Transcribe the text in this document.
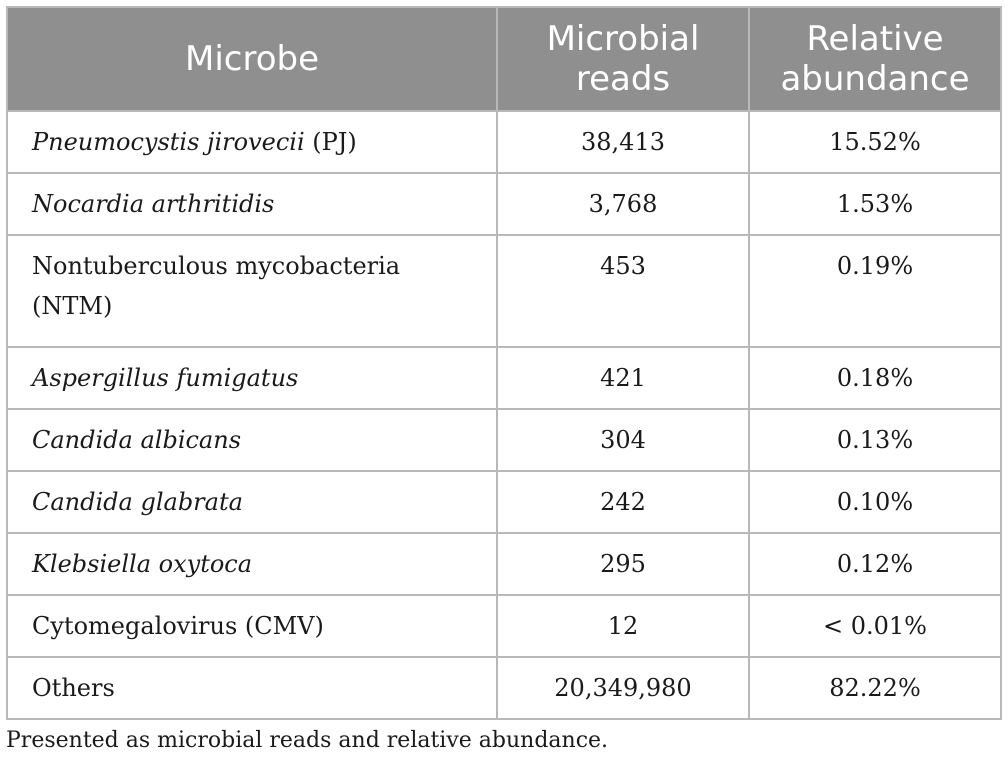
Microbe	Microbial reads	Relative abundance
Pneumocystis jirovecii (PJ)	38,413	15.52%
Nocardia arthritidis	3,768	1.53%
Nontuberculous mycobacteria (NTM)	453	0.19%
Aspergillus fumigatus	421	0.18%
Candida albicans	304	0.13%
Candida glabrata	242	0.10%
Klebsiella oxytoca	295	0.12%
Cytomegalovirus (CMV)	12	< 0.01%
Others	20,349,980	82.22%
Presented as microbial reads and relative abundance.
